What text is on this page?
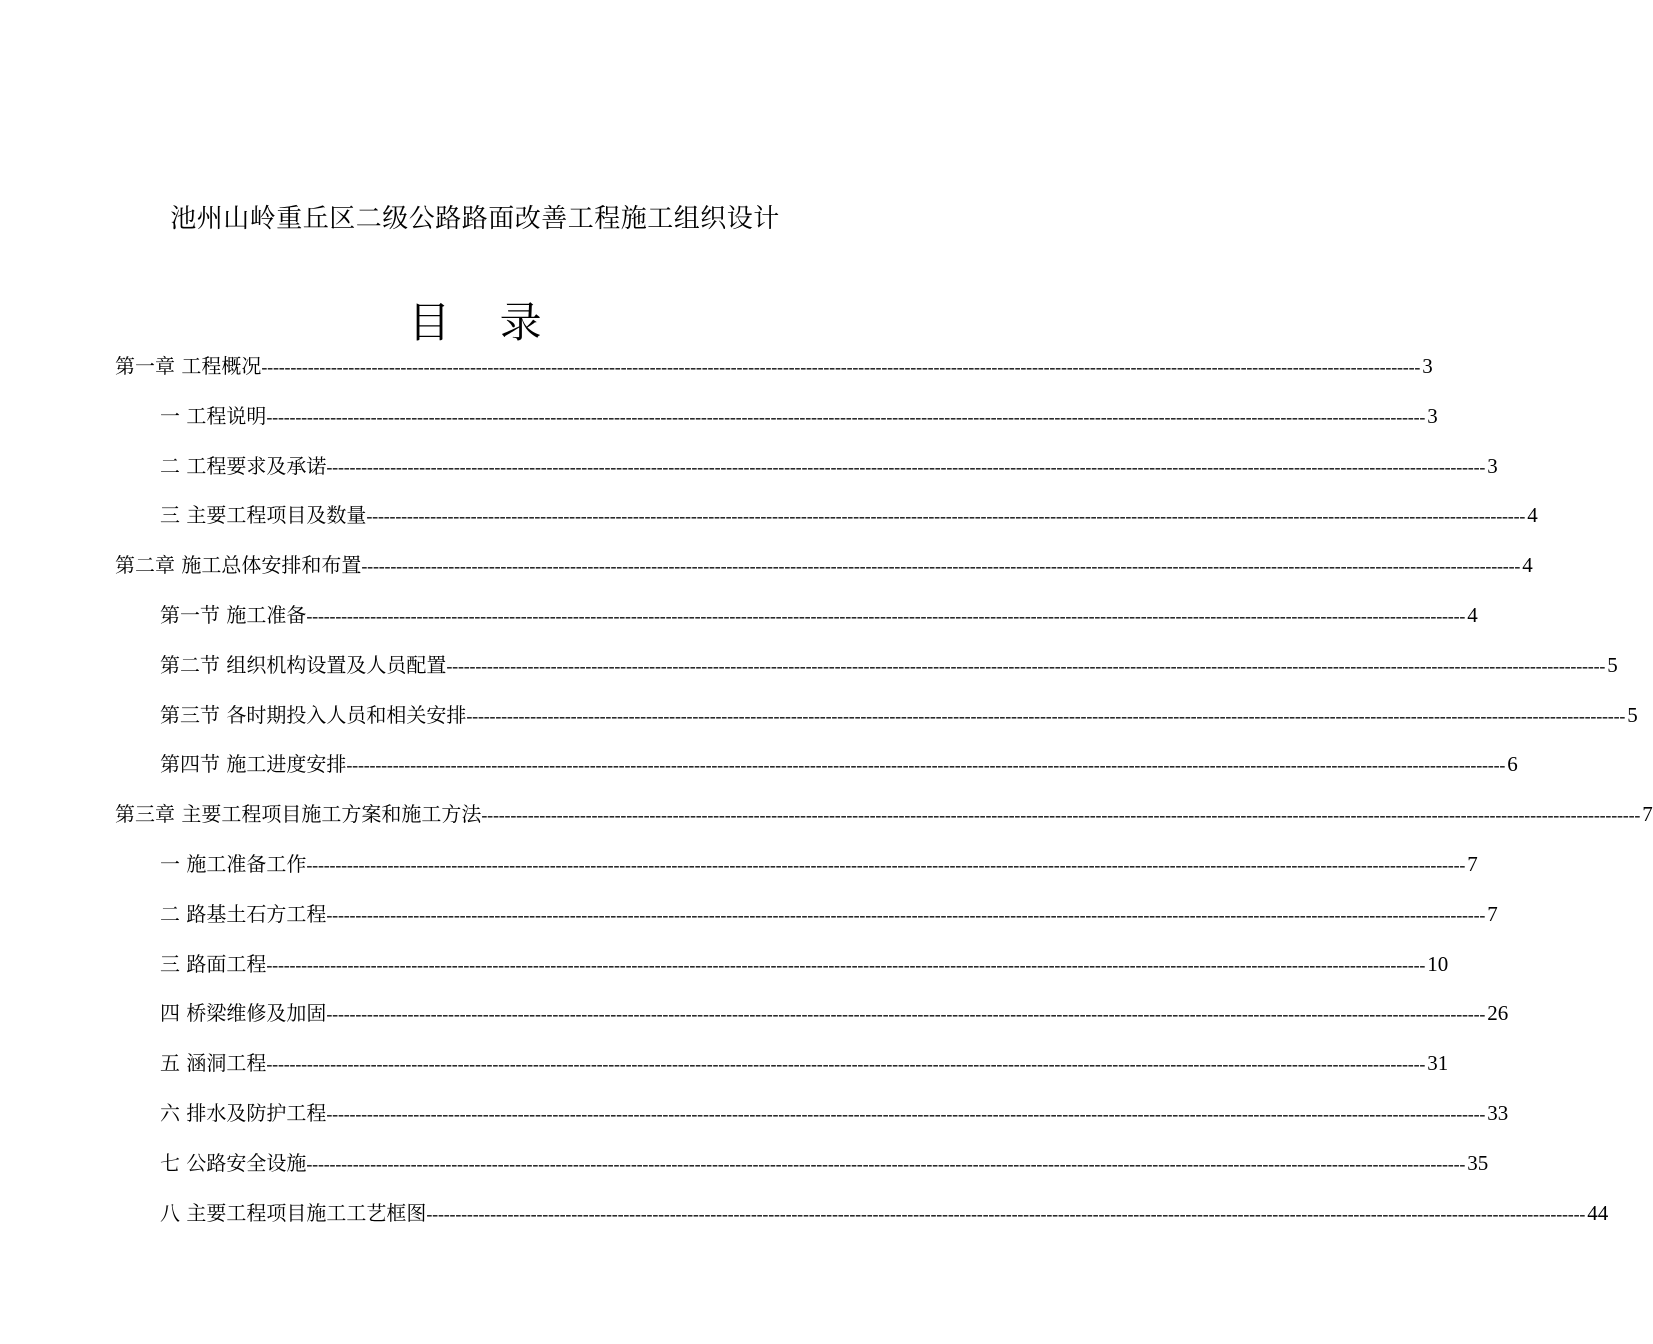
池州山岭重丘区二级公路路面改善工程施工组织设计
目 录
第一章 工程概况 -------------------------------------------------------------------------------------------------------------------------------------------------------------------------------------------------------- 3
一 工程说明 -------------------------------------------------------------------------------------------------------------------------------------------------------------------------------------------------------- 3
二 工程要求及承诺 -------------------------------------------------------------------------------------------------------------------------------------------------------------------------------------------------------- 3
三 主要工程项目及数量 -------------------------------------------------------------------------------------------------------------------------------------------------------------------------------------------------------- 4
第二章 施工总体安排和布置 -------------------------------------------------------------------------------------------------------------------------------------------------------------------------------------------------------- 4
第一节 施工准备 -------------------------------------------------------------------------------------------------------------------------------------------------------------------------------------------------------- 4
第二节 组织机构设置及人员配置 -------------------------------------------------------------------------------------------------------------------------------------------------------------------------------------------------------- 5
第三节 各时期投入人员和相关安排 -------------------------------------------------------------------------------------------------------------------------------------------------------------------------------------------------------- 5
第四节 施工进度安排 -------------------------------------------------------------------------------------------------------------------------------------------------------------------------------------------------------- 6
第三章 主要工程项目施工方案和施工方法 -------------------------------------------------------------------------------------------------------------------------------------------------------------------------------------------------------- 7
一 施工准备工作 -------------------------------------------------------------------------------------------------------------------------------------------------------------------------------------------------------- 7
二 路基土石方工程 -------------------------------------------------------------------------------------------------------------------------------------------------------------------------------------------------------- 7
三 路面工程 -------------------------------------------------------------------------------------------------------------------------------------------------------------------------------------------------------- 10
四 桥梁维修及加固 -------------------------------------------------------------------------------------------------------------------------------------------------------------------------------------------------------- 26
五 涵洞工程 -------------------------------------------------------------------------------------------------------------------------------------------------------------------------------------------------------- 31
六 排水及防护工程 -------------------------------------------------------------------------------------------------------------------------------------------------------------------------------------------------------- 33
七 公路安全设施 -------------------------------------------------------------------------------------------------------------------------------------------------------------------------------------------------------- 35
八 主要工程项目施工工艺框图 -------------------------------------------------------------------------------------------------------------------------------------------------------------------------------------------------------- 44
